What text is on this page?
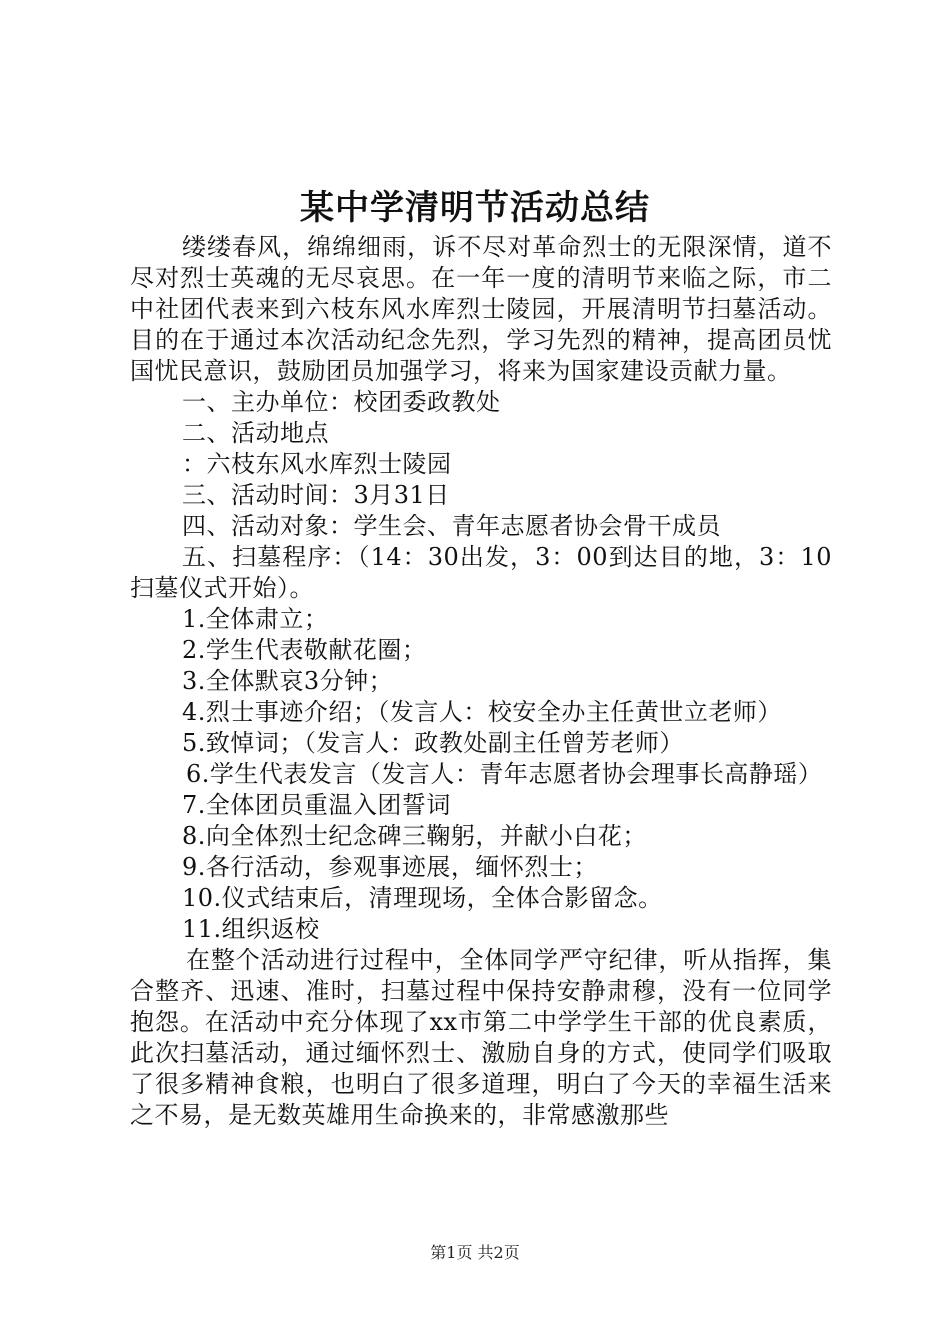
某中学清明节活动总结

缕缕春风，绵绵细雨，诉不尽对革命烈士的无限深情，道不尽对烈士英魂的无尽哀思。在一年一度的清明节来临之际，市二中社团代表来到六枝东风水库烈士陵园，开展清明节扫墓活动。目的在于通过本次活动纪念先烈，学习先烈的精神，提高团员忧国忧民意识，鼓励团员加强学习，将来为国家建设贡献力量。

一、主办单位：校团委政教处

二、活动地点

：六枝东风水库烈士陵园

三、活动时间：3月31日

四、活动对象：学生会、青年志愿者协会骨干成员

五、扫墓程序：（14：30出发，3：00到达目的地，3：10扫墓仪式开始）。

1.全体肃立；

2.学生代表敬献花圈；

3.全体默哀3分钟；

4.烈士事迹介绍；（发言人：校安全办主任黄世立老师）

5.致悼词；（发言人：政教处副主任曾芳老师）

6.学生代表发言（发言人：青年志愿者协会理事长高静瑶）

7.全体团员重温入团誓词

8.向全体烈士纪念碑三鞠躬，并献小白花；

9.各行活动，参观事迹展，缅怀烈士；

10.仪式结束后，清理现场，全体合影留念。

11.组织返校

在整个活动进行过程中，全体同学严守纪律，听从指挥，集合整齐、迅速、准时，扫墓过程中保持安静肃穆，没有一位同学抱怨。在活动中充分体现了xx市第二中学学生干部的优良素质，此次扫墓活动，通过缅怀烈士、激励自身的方式，使同学们吸取了很多精神食粮，也明白了很多道理，明白了今天的幸福生活来之不易，是无数英雄用生命换来的，非常感激那些

第1页 共2页
